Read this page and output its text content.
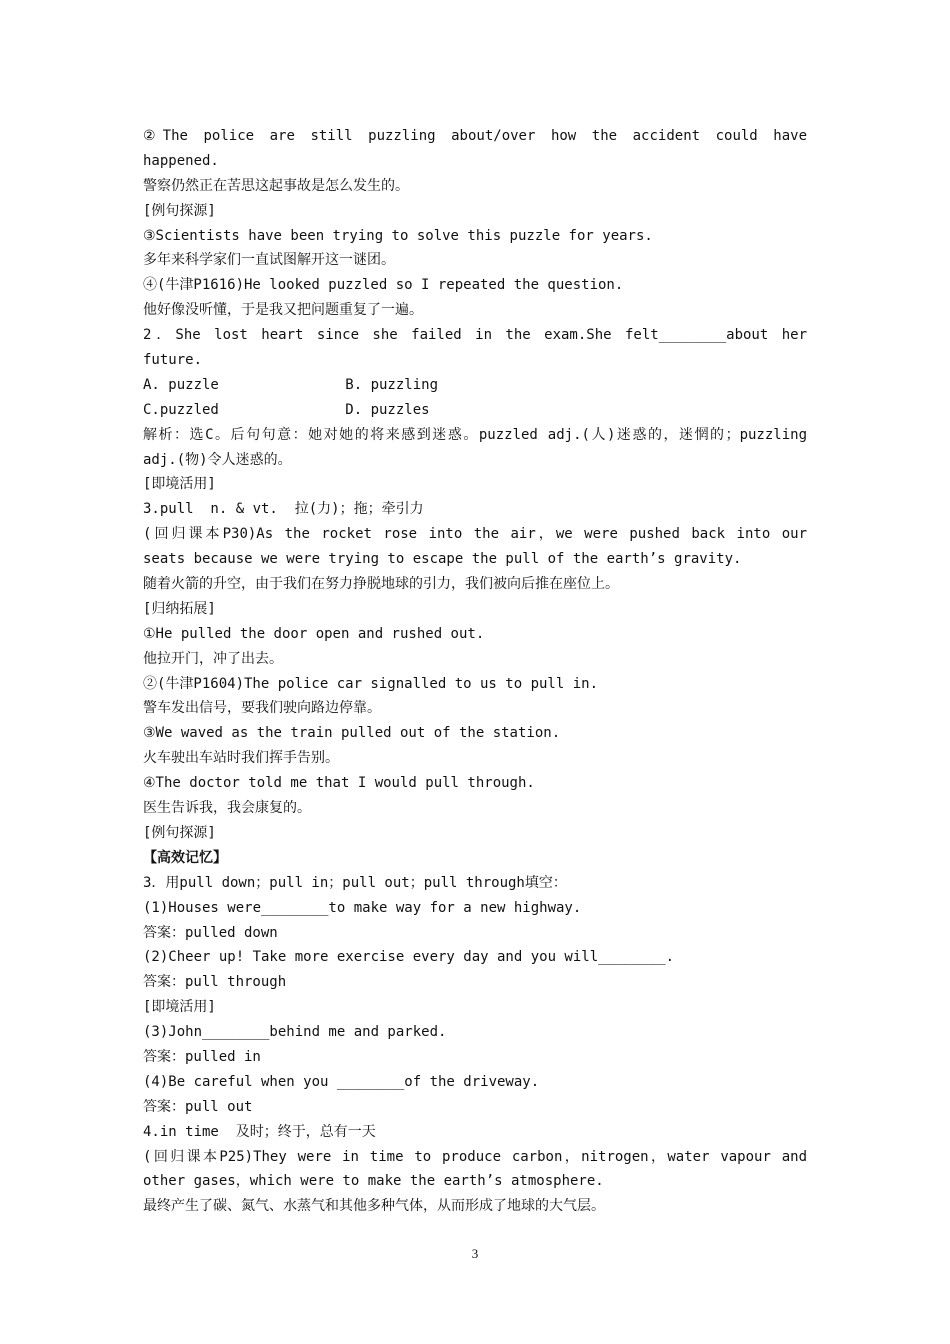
②The police are still puzzling about/over how the accident could have
happened.
警察仍然正在苦思这起事故是怎么发生的。
[例句探源]
③Scientists have been trying to solve this puzzle for years.
多年来科学家们一直试图解开这一谜团。
④(牛津P1616)He looked puzzled so I repeated the question.
他好像没听懂，于是我又把问题重复了一遍。
2．She lost heart since she failed in the exam.She felt________about her
future.
A. puzzle               B. puzzling
C.puzzled               D. puzzles
解析：选C。后句句意：她对她的将来感到迷惑。puzzled adj.(人)迷惑的，迷惘的；puzzling
adj.(物)令人迷惑的。
[即境活用]
3.pull  n. & vt.  拉(力)；拖；牵引力
(回归课本P30)As the rocket rose into the air，we were pushed back into our
seats because we were trying to escape the pull of the earth’s gravity.
随着火箭的升空，由于我们在努力挣脱地球的引力，我们被向后推在座位上。
[归纳拓展]
①He pulled the door open and rushed out.
他拉开门，冲了出去。
②(牛津P1604)The police car signalled to us to pull in.
警车发出信号，要我们驶向路边停靠。
③We waved as the train pulled out of the station.
火车驶出车站时我们挥手告别。
④The doctor told me that I would pull through.
医生告诉我，我会康复的。
[例句探源]
【高效记忆】
3．用pull down；pull in；pull out；pull through填空：
(1)Houses were________to make way for a new highway.
答案：pulled down
(2)Cheer up! Take more exercise every day and you will________.
答案：pull through
[即境活用]
(3)John________behind me and parked.
答案：pulled in
(4)Be careful when you ________of the driveway.
答案：pull out
4.in time  及时；终于，总有一天
(回归课本P25)They were in time to produce carbon，nitrogen，water vapour and
other gases，which were to make the earth’s atmosphere.
最终产生了碳、氮气、水蒸气和其他多种气体，从而形成了地球的大气层。
3
